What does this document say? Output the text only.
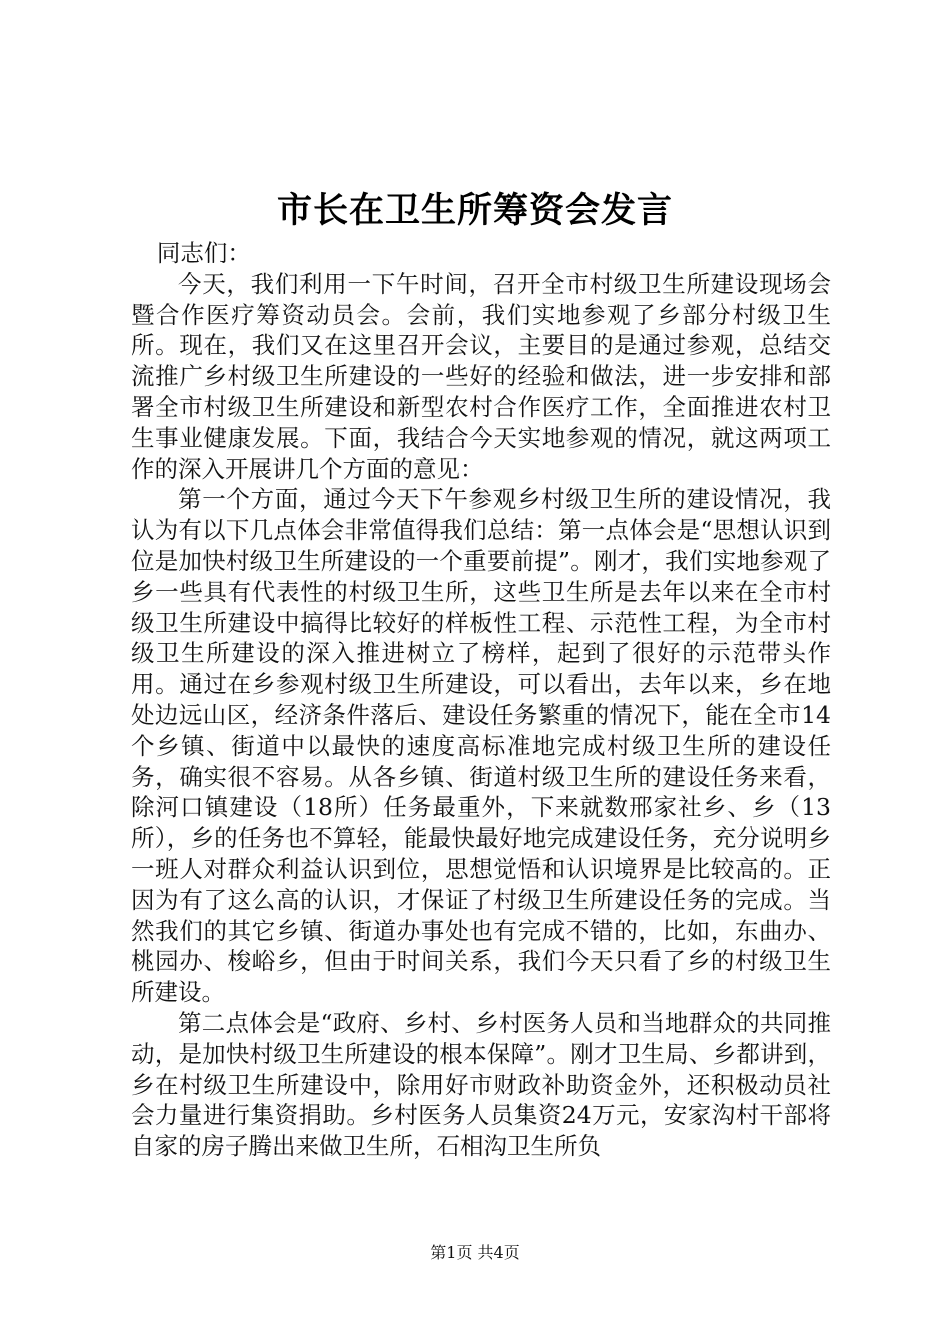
市长在卫生所筹资会发言

同志们：

今天，我们利用一下午时间，召开全市村级卫生所建设现场会暨合作医疗筹资动员会。会前，我们实地参观了乡部分村级卫生所。现在，我们又在这里召开会议，主要目的是通过参观，总结交流推广乡村级卫生所建设的一些好的经验和做法，进一步安排和部署全市村级卫生所建设和新型农村合作医疗工作，全面推进农村卫生事业健康发展。下面，我结合今天实地参观的情况，就这两项工作的深入开展讲几个方面的意见：

第一个方面，通过今天下午参观乡村级卫生所的建设情况，我认为有以下几点体会非常值得我们总结：第一点体会是“思想认识到位是加快村级卫生所建设的一个重要前提”。刚才，我们实地参观了乡一些具有代表性的村级卫生所，这些卫生所是去年以来在全市村级卫生所建设中搞得比较好的样板性工程、示范性工程，为全市村级卫生所建设的深入推进树立了榜样，起到了很好的示范带头作用。通过在乡参观村级卫生所建设，可以看出，去年以来，乡在地处边远山区，经济条件落后、建设任务繁重的情况下，能在全市14个乡镇、街道中以最快的速度高标准地完成村级卫生所的建设任务，确实很不容易。从各乡镇、街道村级卫生所的建设任务来看，除河口镇建设（18所）任务最重外，下来就数邢家社乡、乡（13所），乡的任务也不算轻，能最快最好地完成建设任务，充分说明乡一班人对群众利益认识到位，思想觉悟和认识境界是比较高的。正因为有了这么高的认识，才保证了村级卫生所建设任务的完成。当然我们的其它乡镇、街道办事处也有完成不错的，比如，东曲办、桃园办、梭峪乡，但由于时间关系，我们今天只看了乡的村级卫生所建设。

第二点体会是“政府、乡村、乡村医务人员和当地群众的共同推动，是加快村级卫生所建设的根本保障”。刚才卫生局、乡都讲到，乡在村级卫生所建设中，除用好市财政补助资金外，还积极动员社会力量进行集资捐助。乡村医务人员集资24万元，安家沟村干部将自家的房子腾出来做卫生所，石相沟卫生所负

第1页 共4页
